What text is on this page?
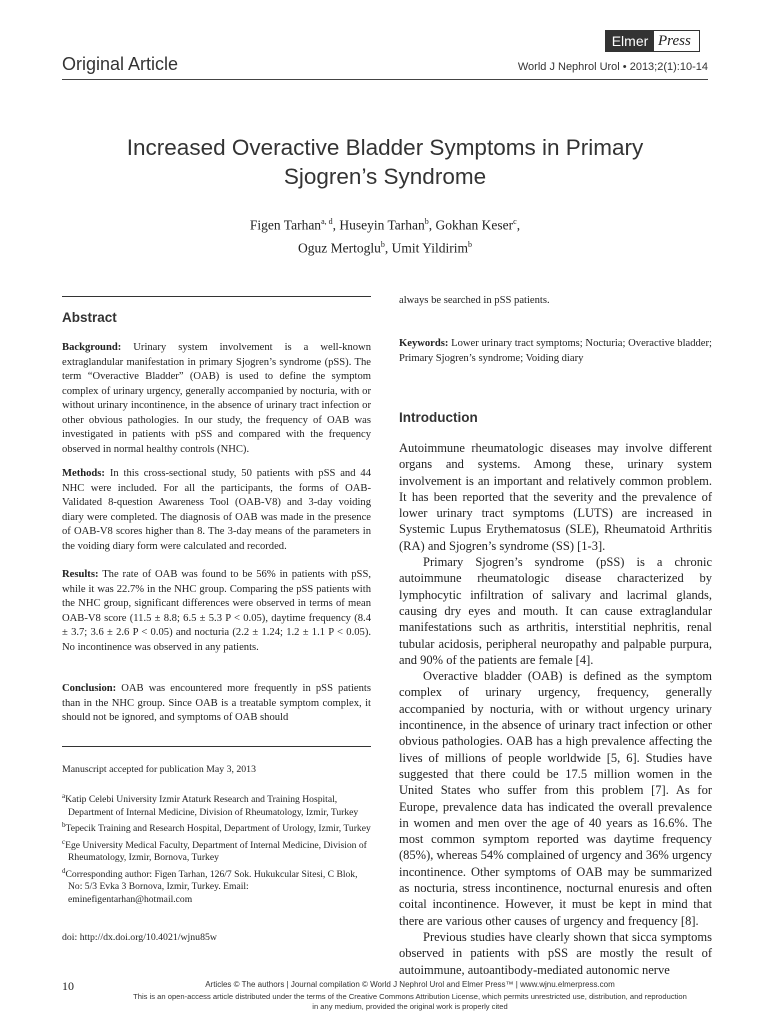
Elmer Press
Original Article	World J Nephrol Urol • 2013;2(1):10-14
Increased Overactive Bladder Symptoms in Primary Sjogren’s Syndrome
Figen Tarhan$^{a, d}$, Huseyin Tarhan$^b$, Gokhan Keser$^c$,
Oguz Mertoglu$^b$, Umit Yildirim$^b$
Abstract
Background: Urinary system involvement is a well-known extraglandular manifestation in primary Sjogren’s syndrome (pSS). The term “Overactive Bladder” (OAB) is used to define the symptom complex of urinary urgency, generally accompanied by nocturia, with or without urinary incontinence, in the absence of urinary tract infection or other obvious pathologies. In our study, the frequency of OAB was investigated in patients with pSS and compared with the frequency observed in normal healthy controls (NHC).
Methods: In this cross-sectional study, 50 patients with pSS and 44 NHC were included. For all the participants, the forms of OAB-Validated 8-question Awareness Tool (OAB-V8) and 3-day voiding diary were completed. The diagnosis of OAB was made in the presence of OAB-V8 scores higher than 8. The 3-day means of the parameters in the voiding diary form were calculated and recorded.
Results: The rate of OAB was found to be 56% in patients with pSS, while it was 22.7% in the NHC group. Comparing the pSS patients with the NHC group, significant differences were observed in terms of mean OAB-V8 score (11.5 ± 8.8; 6.5 ± 5.3 P < 0.05), daytime frequency (8.4 ± 3.7; 3.6 ± 2.6 P < 0.05) and nocturia (2.2 ± 1.24; 1.2 ± 1.1 P < 0.05). No incontinence was observed in any patients.
Conclusion: OAB was encountered more frequently in pSS patients than in the NHC group. Since OAB is a treatable symptom complex, it should not be ignored, and symptoms of OAB should
Manuscript accepted for publication May 3, 2013
$^a$Katip Celebi University Izmir Ataturk Research and Training Hospital, Department of Internal Medicine, Division of Rheumatology, Izmir, Turkey
$^b$Tepecik Training and Research Hospital, Department of Urology, Izmir, Turkey
$^c$Ege University Medical Faculty, Department of Internal Medicine, Division of Rheumatology, Izmir, Bornova, Turkey
$^d$Corresponding author: Figen Tarhan, 126/7 Sok. Hukukcular Sitesi, C Blok, No: 5/3 Evka 3 Bornova, Izmir, Turkey. Email: eminefigentarhan@hotmail.com
doi: http://dx.doi.org/10.4021/wjnu85w
always be searched in pSS patients.
Keywords: Lower urinary tract symptoms; Nocturia; Overactive bladder; Primary Sjogren’s syndrome; Voiding diary
Introduction

Autoimmune rheumatologic diseases may involve different organs and systems. Among these, urinary system involvement is an important and relatively common problem. It has been reported that the severity and the prevalence of lower urinary tract symptoms (LUTS) are increased in Systemic Lupus Erythematosus (SLE), Rheumatoid Arthritis (RA) and Sjogren’s syndrome (SS) [1-3].

Primary Sjogren’s syndrome (pSS) is a chronic autoimmune rheumatologic disease characterized by lymphocytic infiltration of salivary and lacrimal glands, causing dry eyes and mouth. It can cause extraglandular manifestations such as arthritis, interstitial nephritis, renal tubular acidosis, peripheral neuropathy and palpable purpura, and 90% of the patients are female [4].

Overactive bladder (OAB) is defined as the symptom complex of urinary urgency, frequency, generally accompanied by nocturia, with or without urgency urinary incontinence, in the absence of urinary tract infection or other obvious pathologies. OAB has a high prevalence affecting the lives of millions of people worldwide [5, 6]. Studies have suggested that there could be 17.5 million women in the United States who suffer from this problem [7]. As for Europe, prevalence data has indicated the overall prevalence in women and men over the age of 40 years as 16.6%. The most common symptom reported was daytime frequency (85%), whereas 54% complained of urgency and 36% urgency incontinence. Other symptoms of OAB may be summarized as nocturia, stress incontinence, nocturnal enuresis and often coital incontinence. However, it must be kept in mind that there are various other causes of urgency and frequency [8].

Previous studies have clearly shown that sicca symptoms observed in patients with pSS are mostly the result of autoimmune, autoantibody-mediated autonomic nerve

10	Articles © The authors | Journal compilation © World J Nephrol Urol and Elmer Press™ | www.wjnu.elmerpress.com
This is an open-access article distributed under the terms of the Creative Commons Attribution License, which permits unrestricted use, distribution, and reproduction
in any medium, provided the original work is properly cited
